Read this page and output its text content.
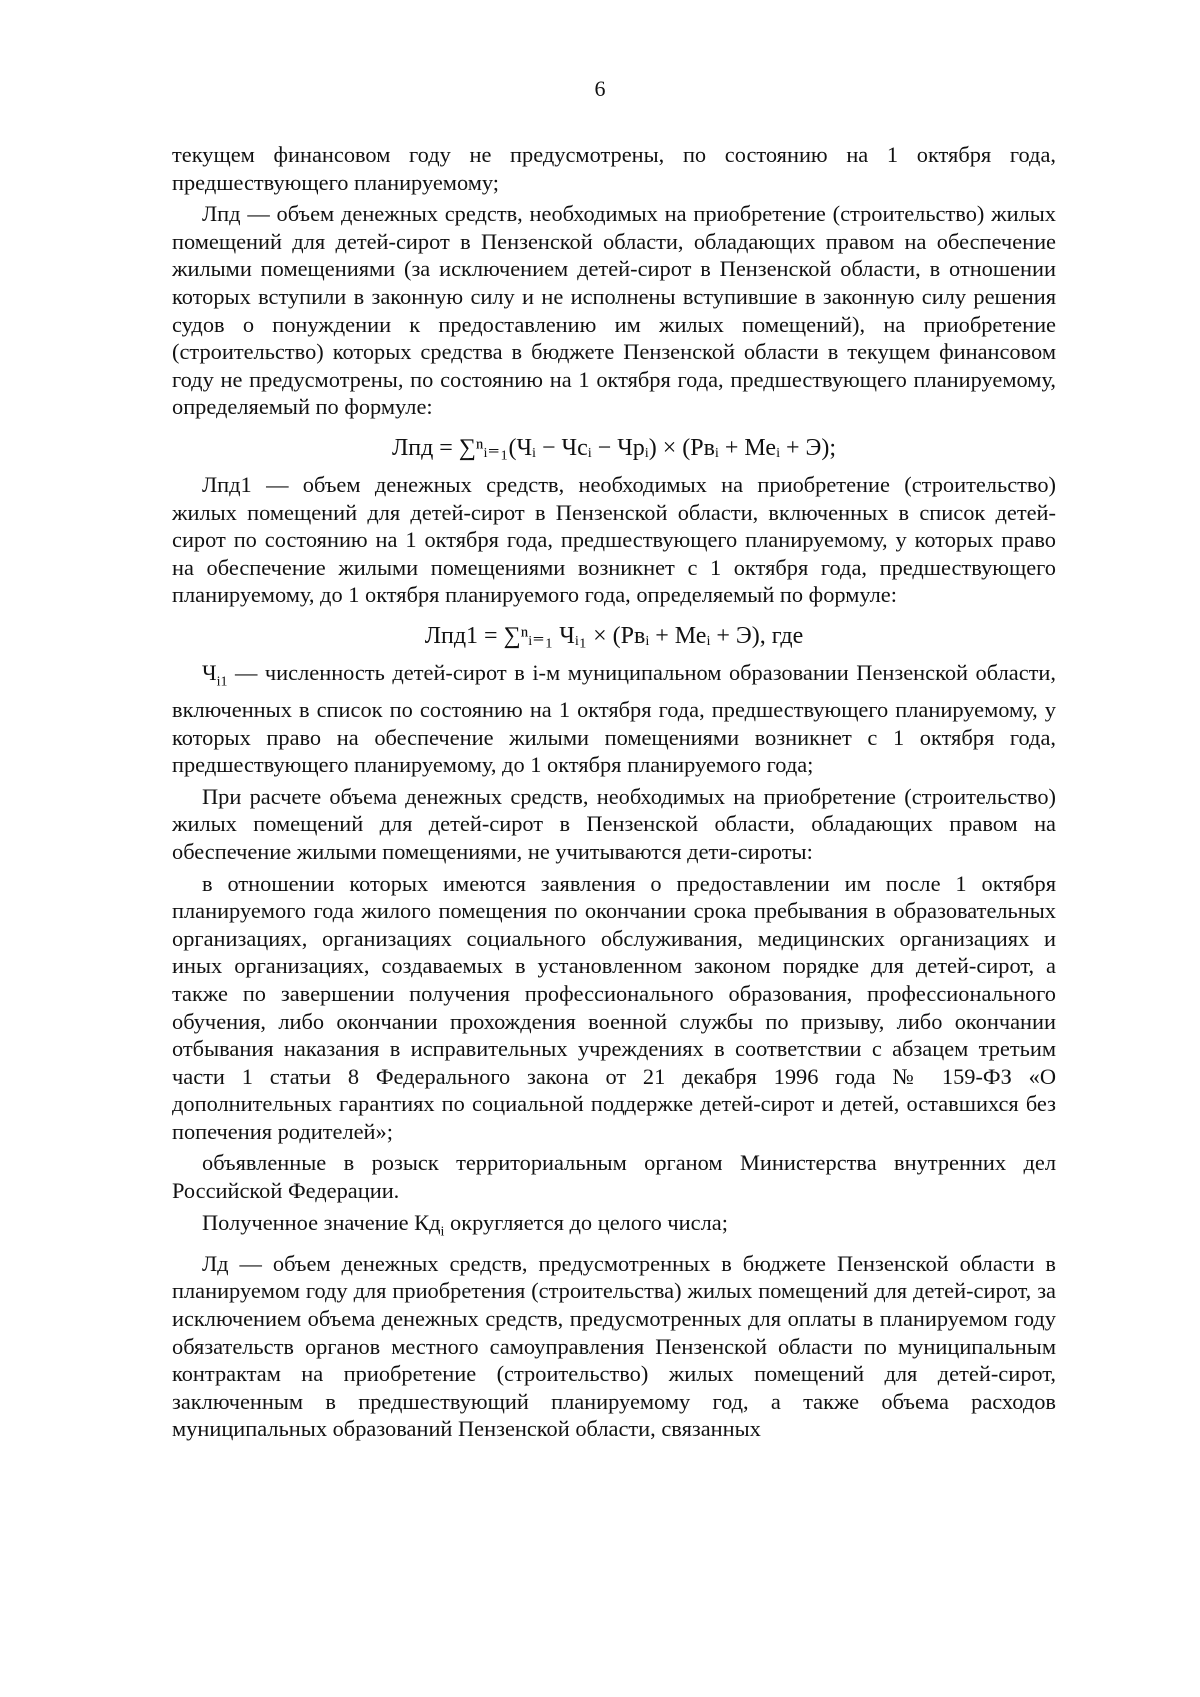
6

текущем финансовом году не предусмотрены, по состоянию на 1 октября года, предшествующего планируемому;

Лпд — объем денежных средств, необходимых на приобретение (строительство) жилых помещений для детей-сирот в Пензенской области, обладающих правом на обеспечение жилыми помещениями (за исключением детей-сирот в Пензенской области, в отношении которых вступили в законную силу и не исполнены вступившие в законную силу решения судов о понуждении к предоставлению им жилых помещений), на приобретение (строительство) которых средства в бюджете Пензенской области в текущем финансовом году не предусмотрены, по состоянию на 1 октября года, предшествующего планируемому, определяемый по формуле:

Лпд = ∑ⁿᵢ₌₁(Чᵢ − Чсᵢ − Чрᵢ) × (Рвᵢ + Меᵢ + Э);

Лпд1 — объем денежных средств, необходимых на приобретение (строительство) жилых помещений для детей-сирот в Пензенской области, включенных в список детей-сирот по состоянию на 1 октября года, предшествующего планируемому, у которых право на обеспечение жилыми помещениями возникнет с 1 октября года, предшествующего планируемому, до 1 октября планируемого года, определяемый по формуле:

Лпд1 = ∑ⁿᵢ₌₁ Чᵢ₁ × (Рвᵢ + Меᵢ + Э), где

$Ч_{i1}$ — численность детей-сирот в i-м муниципальном образовании Пензенской области, включенных в список по состоянию на 1 октября года, предшествующего планируемому, у которых право на обеспечение жилыми помещениями возникнет с 1 октября года, предшествующего планируемому, до 1 октября планируемого года;

При расчете объема денежных средств, необходимых на приобретение (строительство) жилых помещений для детей-сирот в Пензенской области, обладающих правом на обеспечение жилыми помещениями, не учитываются дети-сироты:

в отношении которых имеются заявления о предоставлении им после 1 октября планируемого года жилого помещения по окончании срока пребывания в образовательных организациях, организациях социального обслуживания, медицинских организациях и иных организациях, создаваемых в установленном законом порядке для детей-сирот, а также по завершении получения профессионального образования, профессионального обучения, либо окончании прохождения военной службы по призыву, либо окончании отбывания наказания в исправительных учреждениях в соответствии с абзацем третьим части 1 статьи 8 Федерального закона от 21 декабря 1996 года № 159-ФЗ «О дополнительных гарантиях по социальной поддержке детей-сирот и детей, оставшихся без попечения родителей»;

объявленные в розыск территориальным органом Министерства внутренних дел Российской Федерации.

Полученное значение $Кд_i$ округляется до целого числа;

Лд — объем денежных средств, предусмотренных в бюджете Пензенской области в планируемом году для приобретения (строительства) жилых помещений для детей-сирот, за исключением объема денежных средств, предусмотренных для оплаты в планируемом году обязательств органов местного самоуправления Пензенской области по муниципальным контрактам на приобретение (строительство) жилых помещений для детей-сирот, заключенным в предшествующий планируемому год, а также объема расходов муниципальных образований Пензенской области, связанных
